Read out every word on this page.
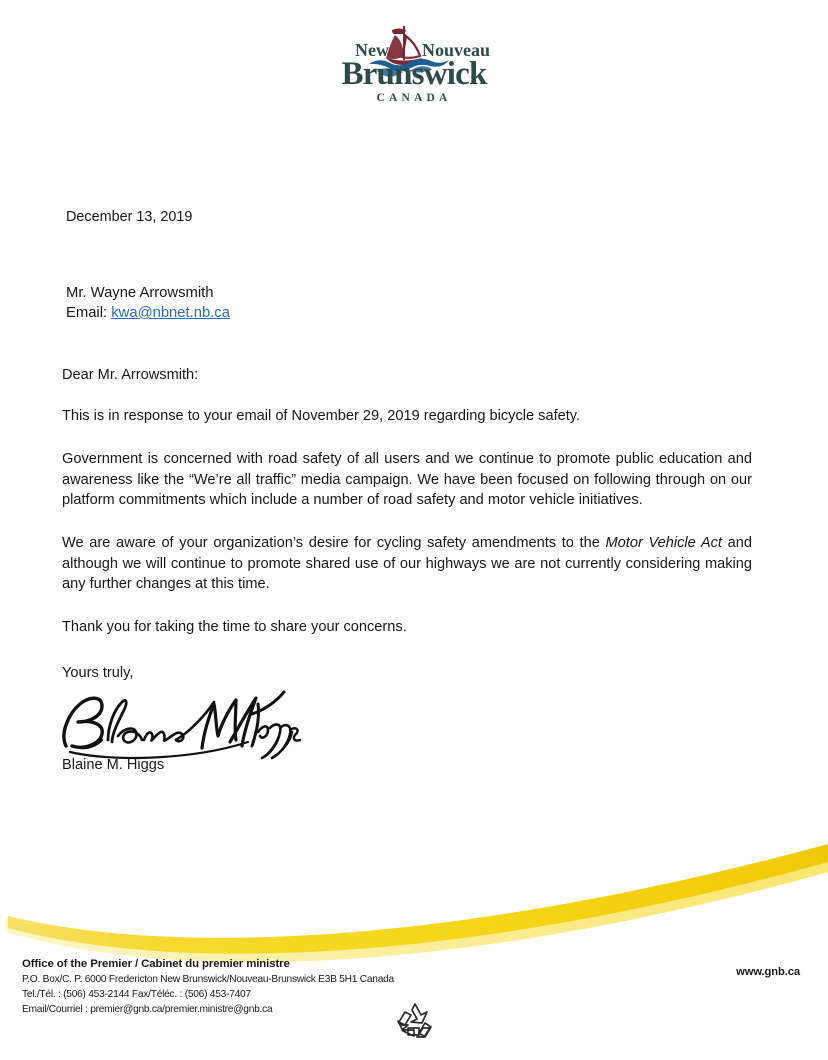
New Nouveau
Brunswick
CANADA
December 13, 2019
Mr. Wayne Arrowsmith
Email: kwa@nbnet.nb.ca
Dear Mr. Arrowsmith:
This is in response to your email of November 29, 2019 regarding bicycle safety.
Government is concerned with road safety of all users and we continue to promote public education and awareness like the “We’re all traffic” media campaign. We have been focused on following through on our platform commitments which include a number of road safety and motor vehicle initiatives.
We are aware of your organization’s desire for cycling safety amendments to the Motor Vehicle Act and although we will continue to promote shared use of our highways we are not currently considering making any further changes at this time.
Thank you for taking the time to share your concerns.
Yours truly,
Blaine M. Higgs
Office of the Premier / Cabinet du premier ministre
P.O. Box/C. P. 6000 Fredericton New Brunswick/Nouveau-Brunswick E3B 5H1 Canada
Tel./Tél. : (506) 453-2144 Fax/Téléc. : (506) 453-7407
Email/Courriel : premier@gnb.ca/premier.ministre@gnb.ca
www.gnb.ca
